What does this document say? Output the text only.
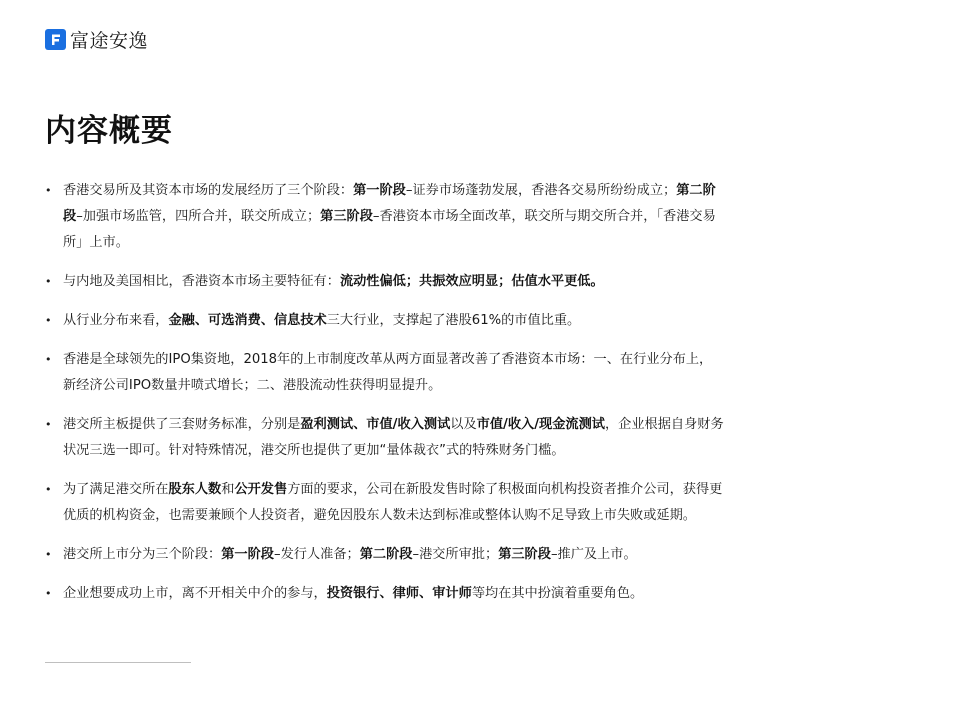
富途安逸
内容概要
• 香港交易所及其资本市场的发展经历了三个阶段：第一阶段–证券市场蓬勃发展，香港各交易所纷纷成立；第二阶段–加强市场监管，四所合并，联交所成立；第三阶段–香港资本市场全面改革，联交所与期交所合并，「香港交易所」上市。
• 与内地及美国相比，香港资本市场主要特征有：流动性偏低；共振效应明显；估值水平更低。
• 从行业分布来看，金融、可选消费、信息技术三大行业，支撑起了港股61%的市值比重。
• 香港是全球领先的IPO集资地，2018年的上市制度改革从两方面显著改善了香港资本市场：一、在行业分布上，新经济公司IPO数量井喷式增长；二、港股流动性获得明显提升。
• 港交所主板提供了三套财务标准，分别是盈利测试、市值/收入测试以及市值/收入/现金流测试，企业根据自身财务状况三选一即可。针对特殊情况，港交所也提供了更加“量体裁衣”式的特殊财务门槛。
• 为了满足港交所在股东人数和公开发售方面的要求，公司在新股发售时除了积极面向机构投资者推介公司，获得更优质的机构资金，也需要兼顾个人投资者，避免因股东人数未达到标准或整体认购不足导致上市失败或延期。
• 港交所上市分为三个阶段：第一阶段–发行人准备；第二阶段–港交所审批；第三阶段–推广及上市。
• 企业想要成功上市，离不开相关中介的参与，投资银行、律师、审计师等均在其中扮演着重要角色。
